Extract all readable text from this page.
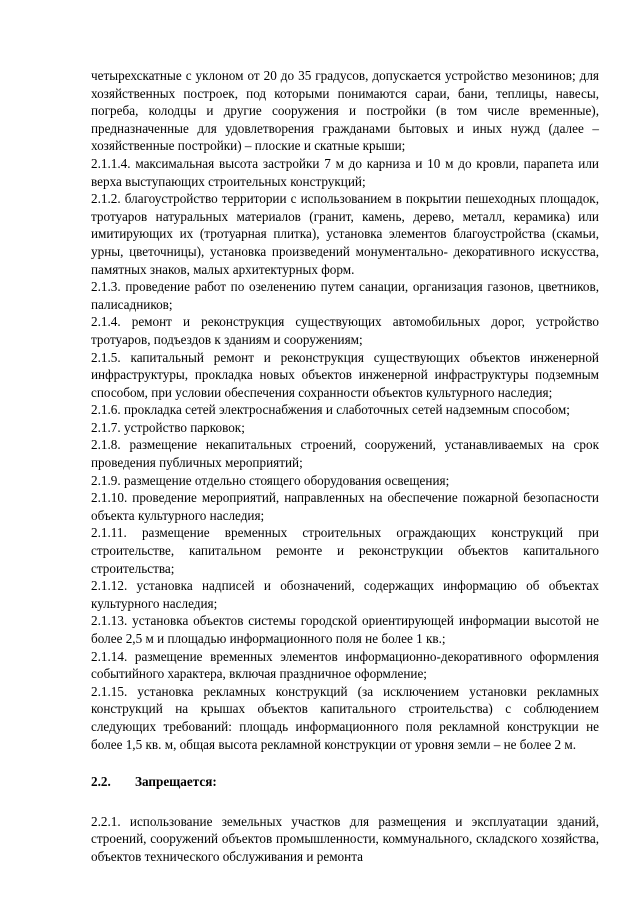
четырехскатные с уклоном от 20 до 35 градусов, допускается устройство мезонинов; для хозяйственных построек, под которыми понимаются сараи, бани, теплицы, навесы, погреба, колодцы и другие сооружения и постройки (в том числе временные), предназначенные для удовлетворения гражданами бытовых и иных нужд (далее – хозяйственные постройки) – плоские и скатные крыши;

2.1.1.4. максимальная высота застройки 7 м до карниза и 10 м до кровли, парапета или верха выступающих строительных конструкций;

2.1.2. благоустройство территории с использованием в покрытии пешеходных площадок, тротуаров натуральных материалов (гранит, камень, дерево, металл, керамика) или имитирующих их (тротуарная плитка), установка элементов благоустройства (скамьи, урны, цветочницы), установка произведений монументально- декоративного искусства, памятных знаков, малых архитектурных форм.

2.1.3. проведение работ по озеленению путем санации, организация газонов, цветников, палисадников;

2.1.4. ремонт и реконструкция существующих автомобильных дорог, устройство тротуаров, подъездов к зданиям и сооружениям;

2.1.5. капитальный ремонт и реконструкция существующих объектов инженерной инфраструктуры, прокладка новых объектов инженерной инфраструктуры подземным способом, при условии обеспечения сохранности объектов культурного наследия;

2.1.6. прокладка сетей электроснабжения и слаботочных сетей надземным способом;

2.1.7. устройство парковок;

2.1.8. размещение некапитальных строений, сооружений, устанавливаемых на срок проведения публичных мероприятий;

2.1.9. размещение отдельно стоящего оборудования освещения;

2.1.10. проведение мероприятий, направленных на обеспечение пожарной безопасности объекта культурного наследия;

2.1.11. размещение временных строительных ограждающих конструкций при строительстве, капитальном ремонте и реконструкции объектов капитального строительства;

2.1.12. установка надписей и обозначений, содержащих информацию об объектах культурного наследия;

2.1.13. установка объектов системы городской ориентирующей информации высотой не более 2,5 м и площадью информационного поля не более 1 кв.;

2.1.14. размещение временных элементов информационно-декоративного оформления событийного характера, включая праздничное оформление;

2.1.15. установка рекламных конструкций (за исключением установки рекламных конструкций на крышах объектов капитального строительства) с соблюдением следующих требований: площадь информационного поля рекламной конструкции не более 1,5 кв. м, общая высота рекламной конструкции от уровня земли – не более 2 м.

2.2. Запрещается:

2.2.1. использование земельных участков для размещения и эксплуатации зданий, строений, сооружений объектов промышленности, коммунального, складского хозяйства, объектов технического обслуживания и ремонта
